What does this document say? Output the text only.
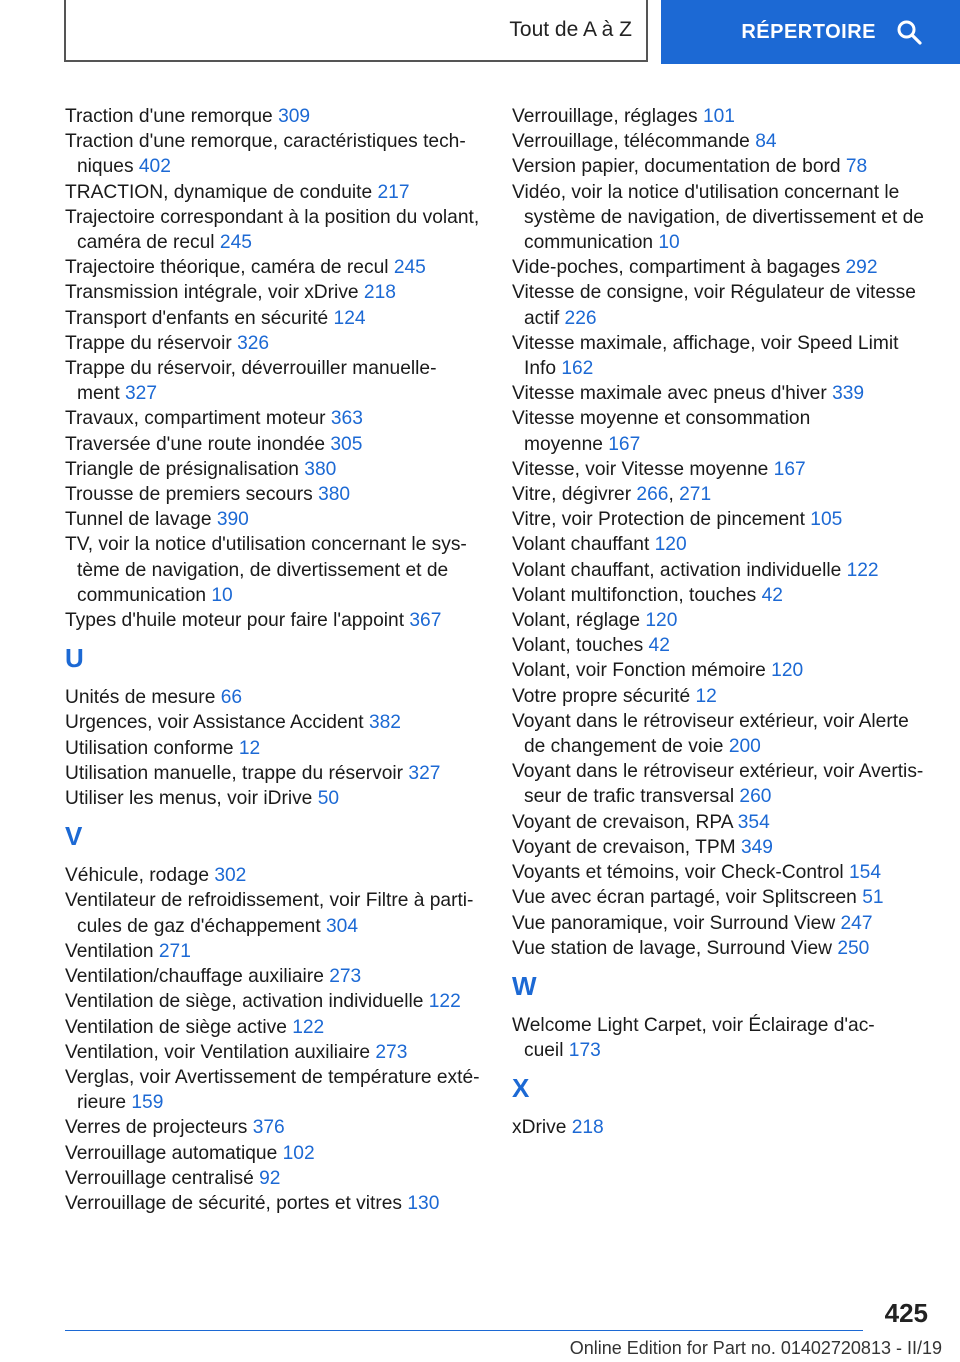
Tout de A à Z	RÉPERTOIRE
Traction d'une remorque 309
Traction d'une remorque, caractéristiques tech-
niques 402
TRACTION, dynamique de conduite 217
Trajectoire correspondant à la position du volant,
caméra de recul 245
Trajectoire théorique, caméra de recul 245
Transmission intégrale, voir xDrive 218
Transport d'enfants en sécurité 124
Trappe du réservoir 326
Trappe du réservoir, déverrouiller manuelle-
ment 327
Travaux, compartiment moteur 363
Traversée d'une route inondée 305
Triangle de présignalisation 380
Trousse de premiers secours 380
Tunnel de lavage 390
TV, voir la notice d'utilisation concernant le sys-
tème de navigation, de divertissement et de
communication 10
Types d'huile moteur pour faire l'appoint 367
U
Unités de mesure 66
Urgences, voir Assistance Accident 382
Utilisation conforme 12
Utilisation manuelle, trappe du réservoir 327
Utiliser les menus, voir iDrive 50
V
Véhicule, rodage 302
Ventilateur de refroidissement, voir Filtre à parti-
cules de gaz d'échappement 304
Ventilation 271
Ventilation/chauffage auxiliaire 273
Ventilation de siège, activation individuelle 122
Ventilation de siège active 122
Ventilation, voir Ventilation auxiliaire 273
Verglas, voir Avertissement de température exté-
rieure 159
Verres de projecteurs 376
Verrouillage automatique 102
Verrouillage centralisé 92
Verrouillage de sécurité, portes et vitres 130
Verrouillage, réglages 101
Verrouillage, télécommande 84
Version papier, documentation de bord 78
Vidéo, voir la notice d'utilisation concernant le
système de navigation, de divertissement et de
communication 10
Vide-poches, compartiment à bagages 292
Vitesse de consigne, voir Régulateur de vitesse
actif 226
Vitesse maximale, affichage, voir Speed Limit
Info 162
Vitesse maximale avec pneus d'hiver 339
Vitesse moyenne et consommation
moyenne 167
Vitesse, voir Vitesse moyenne 167
Vitre, dégivrer 266, 271
Vitre, voir Protection de pincement 105
Volant chauffant 120
Volant chauffant, activation individuelle 122
Volant multifonction, touches 42
Volant, réglage 120
Volant, touches 42
Volant, voir Fonction mémoire 120
Votre propre sécurité 12
Voyant dans le rétroviseur extérieur, voir Alerte
de changement de voie 200
Voyant dans le rétroviseur extérieur, voir Avertis-
seur de trafic transversal 260
Voyant de crevaison, RPA 354
Voyant de crevaison, TPM 349
Voyants et témoins, voir Check-Control 154
Vue avec écran partagé, voir Splitscreen 51
Vue panoramique, voir Surround View 247
Vue station de lavage, Surround View 250
W
Welcome Light Carpet, voir Éclairage d'ac-
cueil 173
X
xDrive 218
425
Online Edition for Part no. 01402720813 - II/19
